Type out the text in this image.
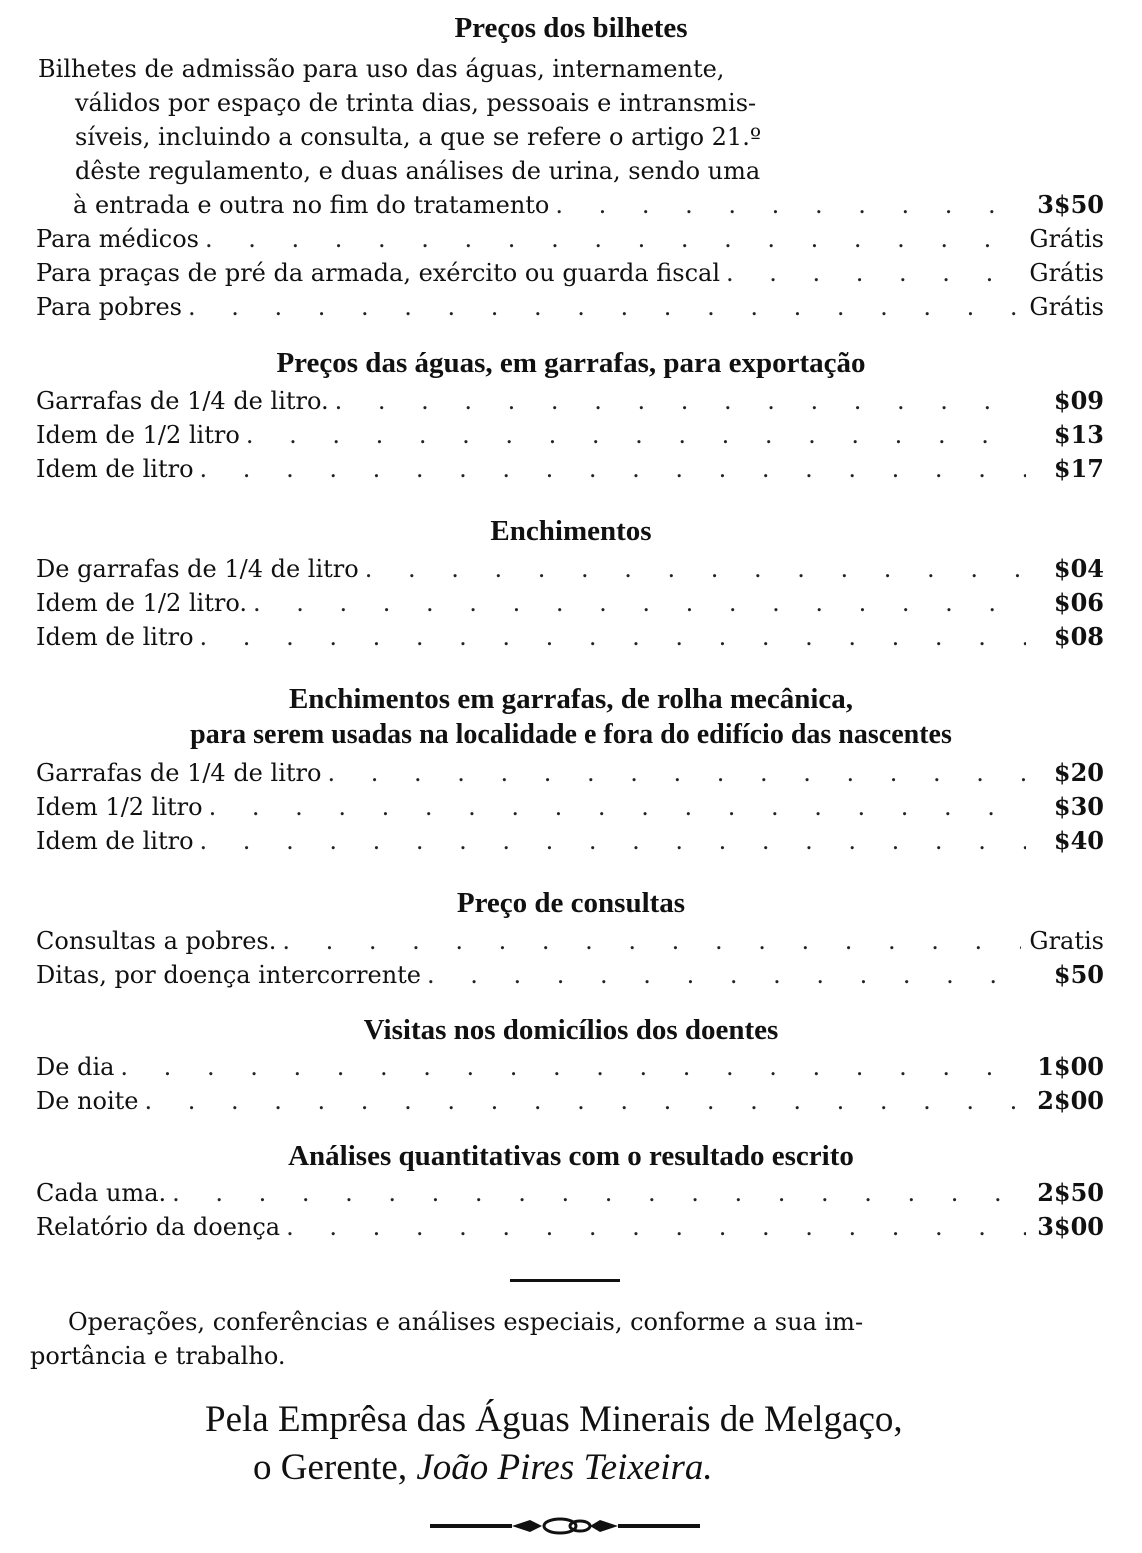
Preços dos bilhetes
Bilhetes de admissão para uso das águas, internamente,
válidos por espaço de trinta dias, pessoais e intransmis-
síveis, incluindo a consulta, a que se refere o artigo 21.º
dêste regulamento, e duas análises de urina, sendo uma
à entrada e outra no fim do tratamento . . .	3$50
Para médicos . . .	Grátis
Para praças de pré da armada, exército ou guarda fiscal . . .	Grátis
Para pobres . . .	Grátis
Preços das águas, em garrafas, para exportação
Garrafas de 1/4 de litro. . . .	$09
Idem de 1/2 litro . . .	$13
Idem de litro . . .	$17
Enchimentos
De garrafas de 1/4 de litro . . .	$04
Idem de 1/2 litro. . . .	$06
Idem de litro . . .	$08
Enchimentos em garrafas, de rolha mecânica,
para serem usadas na localidade e fora do edifício das nascentes
Garrafas de 1/4 de litro . . .	$20
Idem 1/2 litro . . .	$30
Idem de litro . . .	$40
Preço de consultas
Consultas a pobres. . . .	Gratis
Ditas, por doença intercorrente . . .	$50
Visitas nos domicílios dos doentes
De dia . . .	1$00
De noite . . .	2$00
Análises quantitativas com o resultado escrito
Cada uma. . . .	2$50
Relatório da doença . . .	3$00
Operações, conferências e análises especiais, conforme a sua im-
portância e trabalho.
Pela Emprêsa das Águas Minerais de Melgaço,
o Gerente, João Pires Teixeira.
